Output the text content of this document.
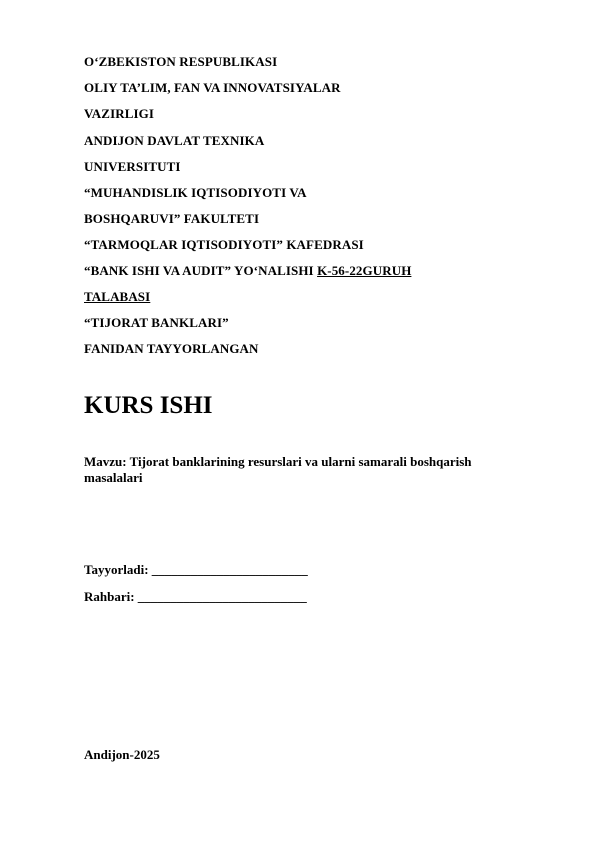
O‘ZBEKISTON RESPUBLIKASI
OLIY TA’LIM, FAN VA INNOVATSIYALAR
VAZIRLIGI
ANDIJON DAVLAT TEXNIKA
UNIVERSITUTI
“MUHANDISLIK IQTISODIYOTI VA
BOSHQARUVI” FAKULTETI
“TARMOQLAR IQTISODIYOTI” KAFEDRASI
“BANK ISHI VA AUDIT” YO‘NALISHI K-56-22GURUH
TALABASI
“TIJORAT BANKLARI”
FANIDAN TAYYORLANGAN
KURS ISHI
Mavzu: Tijorat banklarining resurslari va ularni samarali boshqarish masalalari
Tayyorladi: ________________________
Rahbari: __________________________
Andijon-2025
